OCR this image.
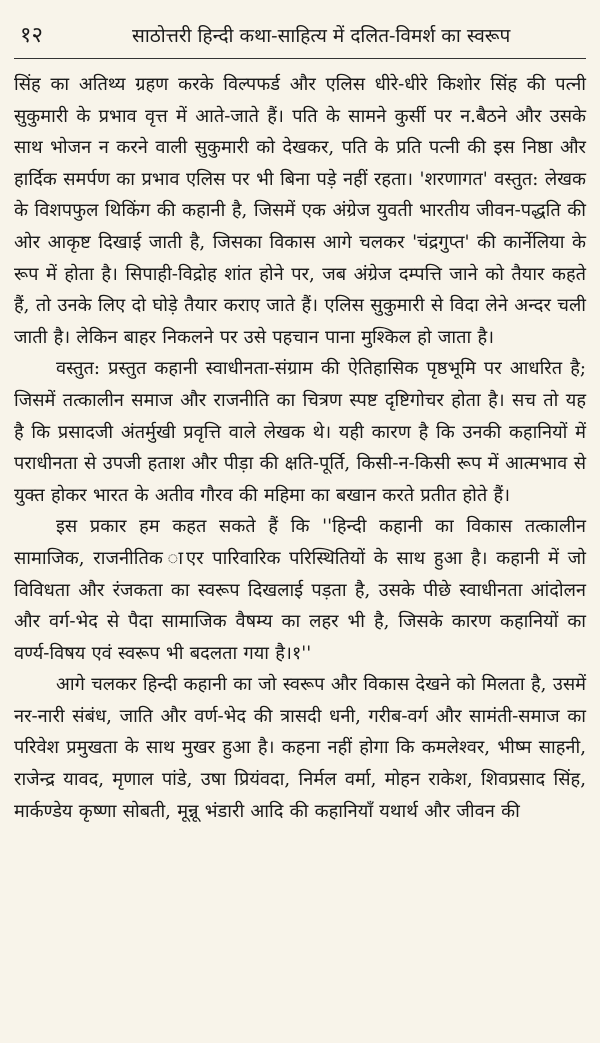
१२	साठोत्तरी हिन्दी कथा-साहित्य में दलित-विमर्श का स्वरूप

सिंह का अतिथ्य ग्रहण करके विल्पफर्ड और एलिस धीरे-धीरे किशोर सिंह की पत्नी सुकुमारी के प्रभाव वृत्त में आते-जाते हैं। पति के सामने कुर्सी पर न.बैठने और उसके साथ भोजन न करने वाली सुकुमारी को देखकर, पति के प्रति पत्नी की इस निष्ठा और हार्दिक समर्पण का प्रभाव एलिस पर भी बिना पड़े नहीं रहता। 'शरणागत' वस्तुत: लेखक के विशपफुल थिकिंग की कहानी है, जिसमें एक अंग्रेज युवती भारतीय जीवन-पद्धति की ओर आकृष्ट दिखाई जाती है, जिसका विकास आगे चलकर 'चंद्रगुप्त' की कार्नेलिया के रूप में होता है। सिपाही-विद्रोह शांत होने पर, जब अंग्रेज दम्पत्ति जाने को तैयार कहते हैं, तो उनके लिए दो घोड़े तैयार कराए जाते हैं। एलिस सुकुमारी से विदा लेने अन्दर चली जाती है। लेकिन बाहर निकलने पर उसे पहचान पाना मुश्किल हो जाता है।

वस्तुत: प्रस्तुत कहानी स्वाधीनता-संग्राम की ऐतिहासिक पृष्ठभूमि पर आधरित है; जिसमें तत्कालीन समाज और राजनीति का चित्रण स्पष्ट दृष्टिगोचर होता है। सच तो यह है कि प्रसादजी अंतर्मुखी प्रवृत्ति वाले लेखक थे। यही कारण है कि उनकी कहानियों में पराधीनता से उपजी हताश और पीड़ा की क्षति-पूर्ति, किसी-न-किसी रूप में आत्मभाव से युक्त होकर भारत के अतीव गौरव की महिमा का बखान करते प्रतीत होते हैं।

इस प्रकार हम कहत सकते हैं कि ''हिन्दी कहानी का विकास तत्कालीन सामाजिक, राजनीतिक ाएर पारिवारिक परिस्थितियों के साथ हुआ है। कहानी में जो विविधता और रंजकता का स्वरूप दिखलाई पड़ता है, उसके पीछे स्वाधीनता आंदोलन और वर्ग-भेद से पैदा सामाजिक वैषम्य का लहर भी है, जिसके कारण कहानियों का वर्ण्य-विषय एवं स्वरूप भी बदलता गया है।१''

आगे चलकर हिन्दी कहानी का जो स्वरूप और विकास देखने को मिलता है, उसमें नर-नारी संबंध, जाति और वर्ण-भेद की त्रासदी धनी, गरीब-वर्ग और सामंती-समाज का परिवेश प्रमुखता के साथ मुखर हुआ है। कहना नहीं होगा कि कमलेश्वर, भीष्म साहनी, राजेन्द्र यावद, मृणाल पांडे, उषा प्रियंवदा, निर्मल वर्मा, मोहन राकेश, शिवप्रसाद सिंह, मार्कण्डेय कृष्णा सोबती, मून्नू भंडारी आदि की कहानियाँ यथार्थ और जीवन की
